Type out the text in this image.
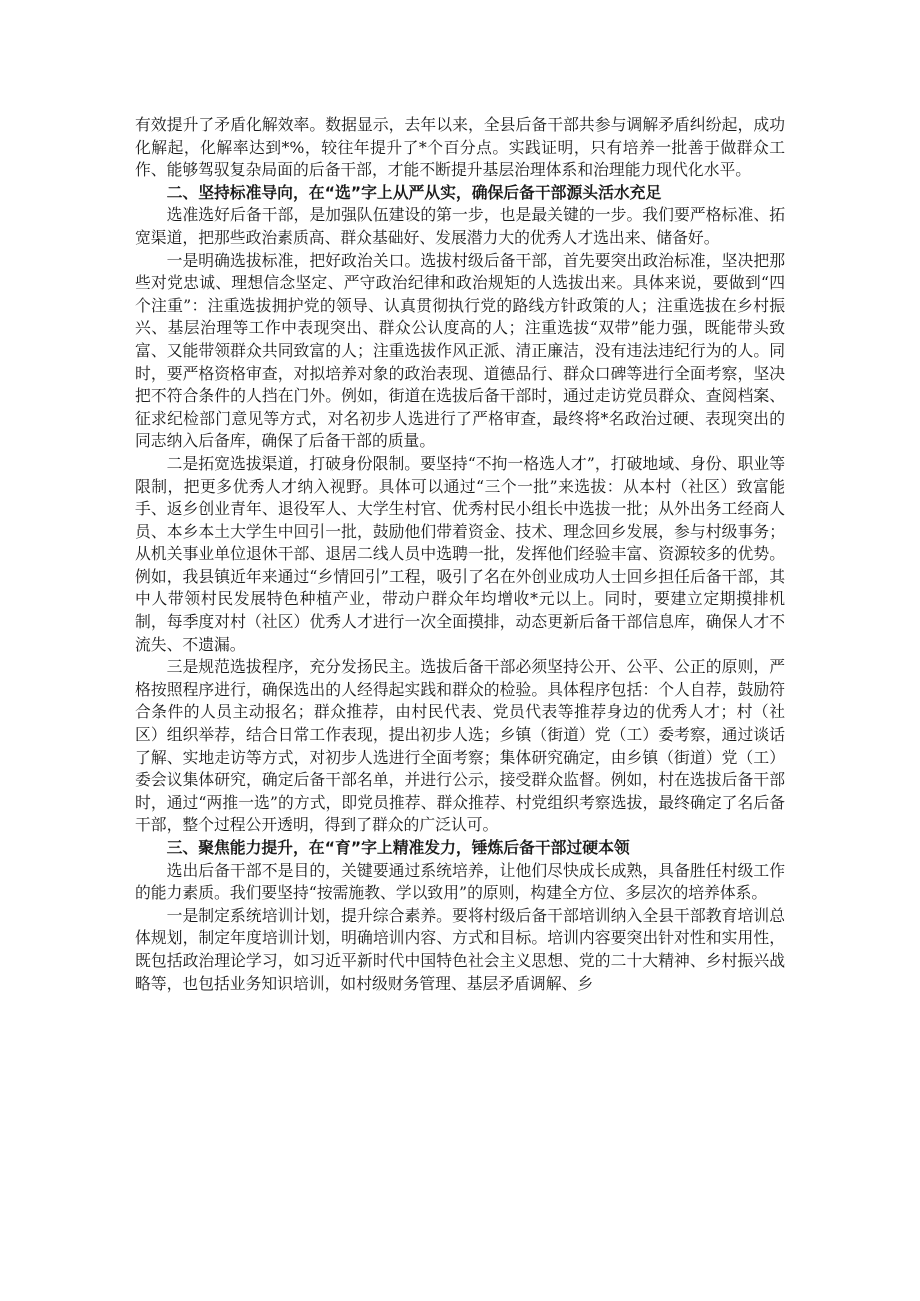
有效提升了矛盾化解效率。数据显示，去年以来，全县后备干部共参与调解矛盾纠纷起，成功化解起，化解率达到*%，较往年提升了*个百分点。实践证明，只有培养一批善于做群众工作、能够驾驭复杂局面的后备干部，才能不断提升基层治理体系和治理能力现代化水平。

二、坚持标准导向，在“选”字上从严从实，确保后备干部源头活水充足

选准选好后备干部，是加强队伍建设的第一步，也是最关键的一步。我们要严格标准、拓宽渠道，把那些政治素质高、群众基础好、发展潜力大的优秀人才选出来、储备好。

一是明确选拔标准，把好政治关口。选拔村级后备干部，首先要突出政治标准，坚决把那些对党忠诚、理想信念坚定、严守政治纪律和政治规矩的人选拔出来。具体来说，要做到“四个注重”：注重选拔拥护党的领导、认真贯彻执行党的路线方针政策的人；注重选拔在乡村振兴、基层治理等工作中表现突出、群众公认度高的人；注重选拔“双带”能力强，既能带头致富、又能带领群众共同致富的人；注重选拔作风正派、清正廉洁，没有违法违纪行为的人。同时，要严格资格审查，对拟培养对象的政治表现、道德品行、群众口碑等进行全面考察，坚决把不符合条件的人挡在门外。例如，街道在选拔后备干部时，通过走访党员群众、查阅档案、征求纪检部门意见等方式，对名初步人选进行了严格审查，最终将*名政治过硬、表现突出的同志纳入后备库，确保了后备干部的质量。

二是拓宽选拔渠道，打破身份限制。要坚持“不拘一格选人才”，打破地域、身份、职业等限制，把更多优秀人才纳入视野。具体可以通过“三个一批”来选拔：从本村（社区）致富能手、返乡创业青年、退役军人、大学生村官、优秀村民小组长中选拔一批；从外出务工经商人员、本乡本土大学生中回引一批，鼓励他们带着资金、技术、理念回乡发展，参与村级事务；从机关事业单位退休干部、退居二线人员中选聘一批，发挥他们经验丰富、资源较多的优势。例如，我县镇近年来通过“乡情回引”工程，吸引了名在外创业成功人士回乡担任后备干部，其中人带领村民发展特色种植产业，带动户群众年均增收*元以上。同时，要建立定期摸排机制，每季度对村（社区）优秀人才进行一次全面摸排，动态更新后备干部信息库，确保人才不流失、不遗漏。

三是规范选拔程序，充分发扬民主。选拔后备干部必须坚持公开、公平、公正的原则，严格按照程序进行，确保选出的人经得起实践和群众的检验。具体程序包括：个人自荐，鼓励符合条件的人员主动报名；群众推荐，由村民代表、党员代表等推荐身边的优秀人才；村（社区）组织举荐，结合日常工作表现，提出初步人选；乡镇（街道）党（工）委考察，通过谈话了解、实地走访等方式，对初步人选进行全面考察；集体研究确定，由乡镇（街道）党（工）委会议集体研究，确定后备干部名单，并进行公示，接受群众监督。例如，村在选拔后备干部时，通过“两推一选”的方式，即党员推荐、群众推荐、村党组织考察选拔，最终确定了名后备干部，整个过程公开透明，得到了群众的广泛认可。

三、聚焦能力提升，在“育”字上精准发力，锤炼后备干部过硬本领

选出后备干部不是目的，关键要通过系统培养，让他们尽快成长成熟，具备胜任村级工作的能力素质。我们要坚持“按需施教、学以致用”的原则，构建全方位、多层次的培养体系。

一是制定系统培训计划，提升综合素养。要将村级后备干部培训纳入全县干部教育培训总体规划，制定年度培训计划，明确培训内容、方式和目标。培训内容要突出针对性和实用性，既包括政治理论学习，如习近平新时代中国特色社会主义思想、党的二十大精神、乡村振兴战略等，也包括业务知识培训，如村级财务管理、基层矛盾调解、乡
